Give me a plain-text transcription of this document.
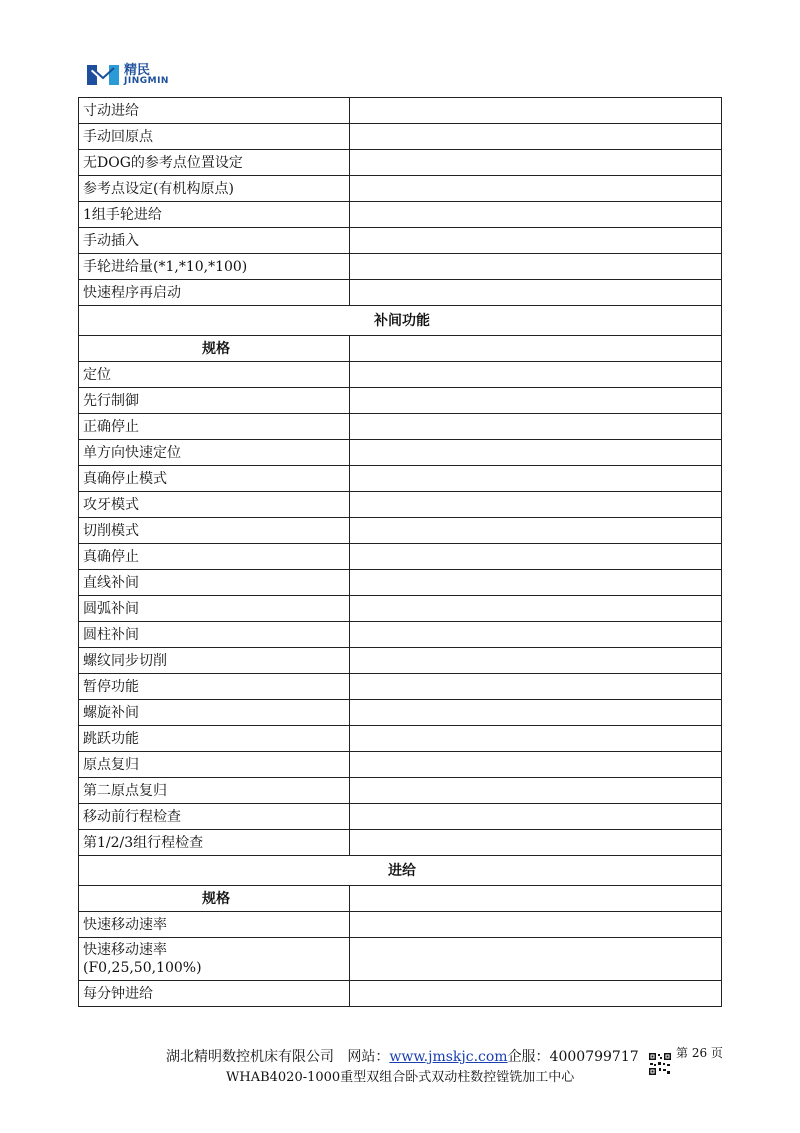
精民
JINGMIN
寸动进给	
手动回原点	
无DOG的参考点位置设定	
参考点设定(有机构原点)	
1组手轮进给	
手动插入	
手轮进给量(*1,*10,*100)	
快速程序再启动	
补间功能	
规格	
定位	
先行制御	
正确停止	
单方向快速定位	
真确停止模式	
攻牙模式	
切削模式	
真确停止	
直线补间	
圆弧补间	
圆柱补间	
螺纹同步切削	
暂停功能	
螺旋补间	
跳跃功能	
原点复归	
第二原点复归	
移动前行程检查	
第1/2/3组行程检查	
进给	
规格	
快速移动速率	

快速移动速率
(F0,25,50,100%)	

每分钟进给	
湖北精明数控机床有限公司 网站：www.jmskjc.com企服：4000799717	第 26 页
WHAB4020-1000重型双组合卧式双动柱数控镗铣加工中心
